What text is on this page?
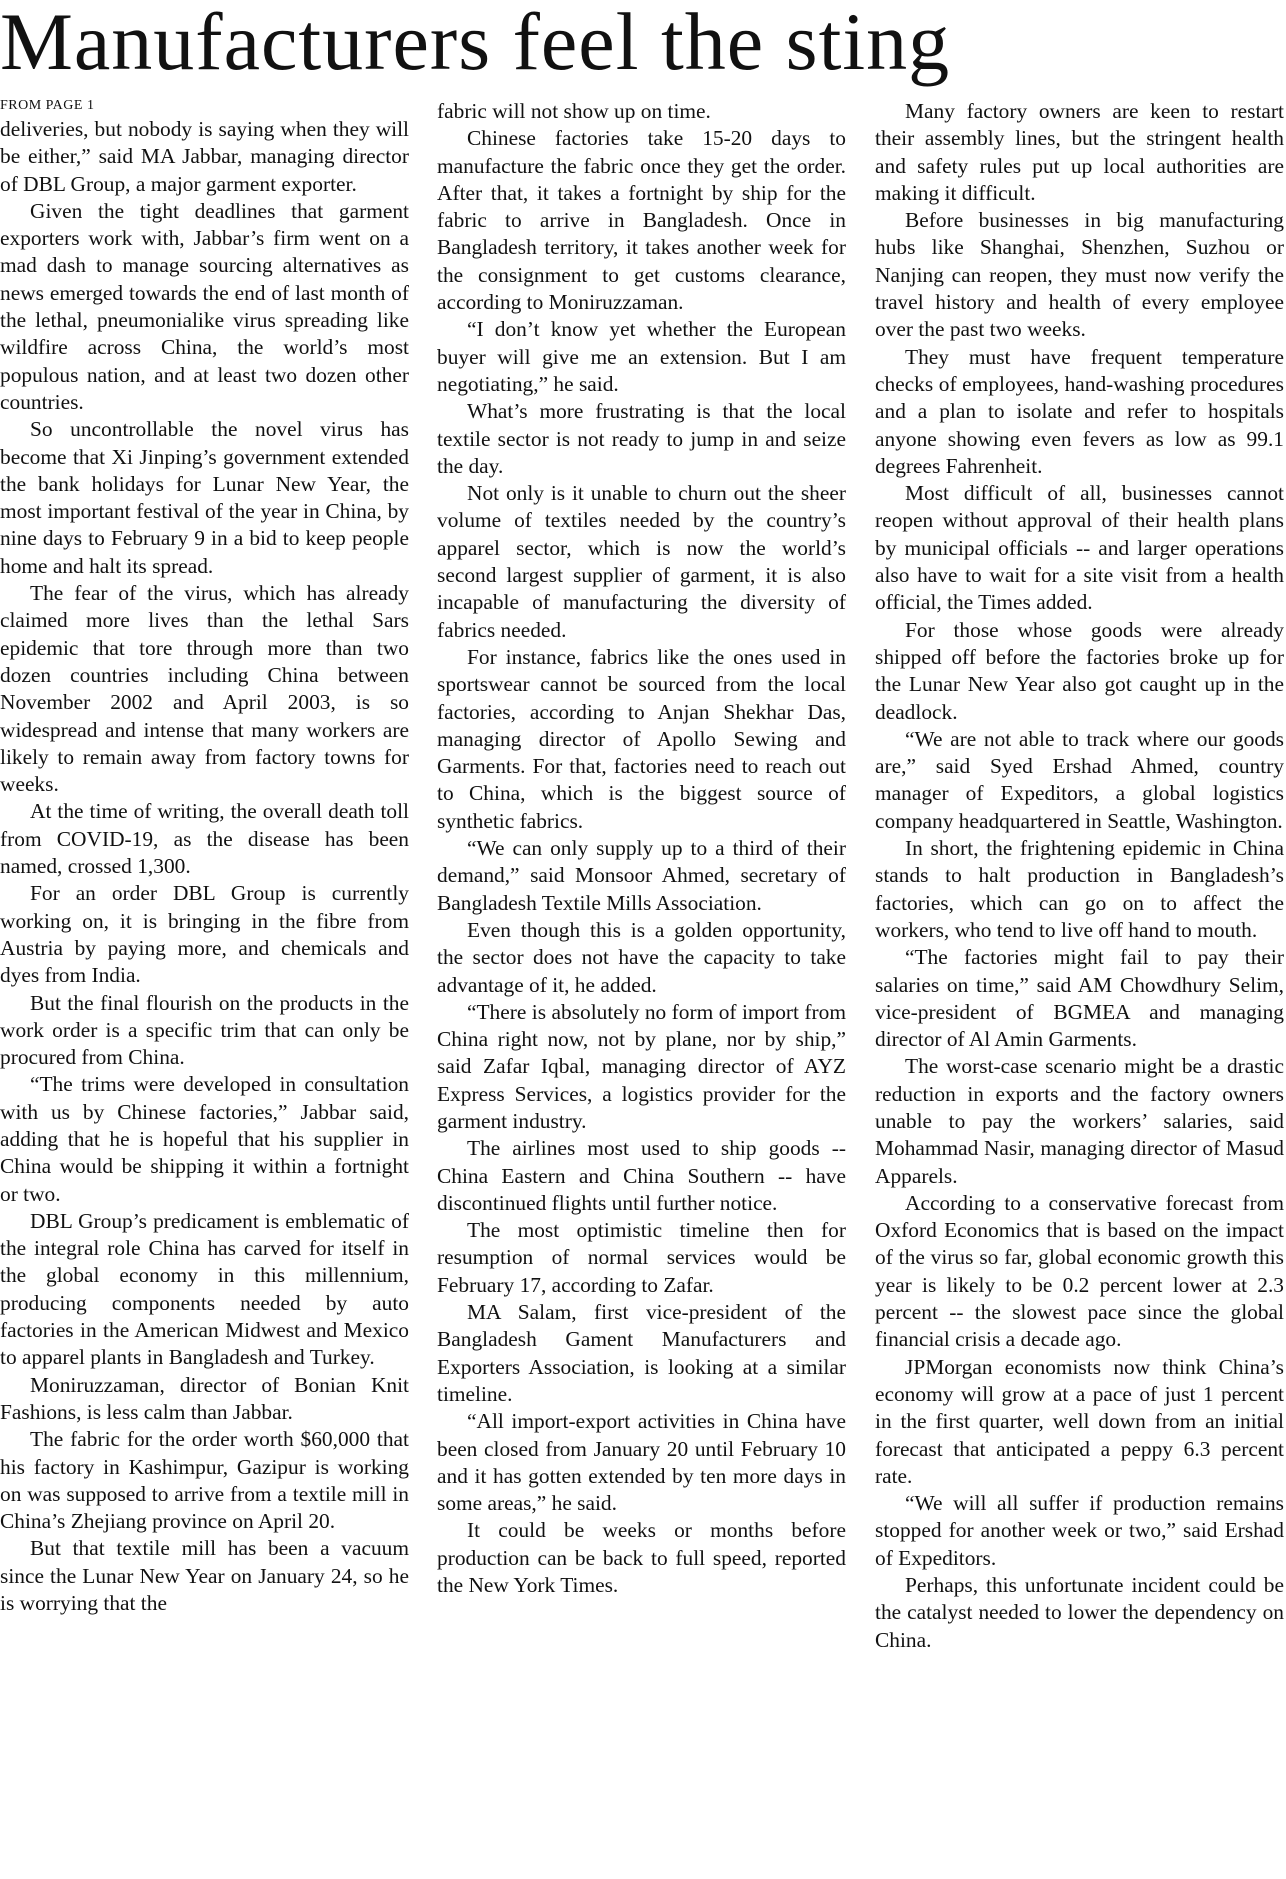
Manufacturers feel the sting
FROM PAGE 1

deliveries, but nobody is saying when they will be either,” said MA Jabbar, managing director of DBL Group, a major garment exporter.

Given the tight deadlines that garment exporters work with, Jabbar’s firm went on a mad dash to manage sourcing alternatives as news emerged towards the end of last month of the lethal, pneumonialike virus spreading like wildfire across China, the world’s most populous nation, and at least two dozen other countries.

So uncontrollable the novel virus has become that Xi Jinping’s government extended the bank holidays for Lunar New Year, the most important festival of the year in China, by nine days to February 9 in a bid to keep people home and halt its spread.

The fear of the virus, which has already claimed more lives than the lethal Sars epidemic that tore through more than two dozen countries including China between November 2002 and April 2003, is so widespread and intense that many workers are likely to remain away from factory towns for weeks.

At the time of writing, the overall death toll from COVID-19, as the disease has been named, crossed 1,300.

For an order DBL Group is currently working on, it is bringing in the fibre from Austria by paying more, and chemicals and dyes from India.

But the final flourish on the products in the work order is a specific trim that can only be procured from China.

“The trims were developed in consultation with us by Chinese factories,” Jabbar said, adding that he is hopeful that his supplier in China would be shipping it within a fortnight or two.

DBL Group’s predicament is emblematic of the integral role China has carved for itself in the global economy in this millennium, producing components needed by auto factories in the American Midwest and Mexico to apparel plants in Bangladesh and Turkey.

Moniruzzaman, director of Bonian Knit Fashions, is less calm than Jabbar.

The fabric for the order worth $60,000 that his factory in Kashimpur, Gazipur is working on was supposed to arrive from a textile mill in China’s Zhejiang province on April 20.

But that textile mill has been a vacuum since the Lunar New Year on January 24, so he is worrying that the

fabric will not show up on time.

Chinese factories take 15-20 days to manufacture the fabric once they get the order. After that, it takes a fortnight by ship for the fabric to arrive in Bangladesh. Once in Bangladesh territory, it takes another week for the consignment to get customs clearance, according to Moniruzzaman.

“I don’t know yet whether the European buyer will give me an extension. But I am negotiating,” he said.

What’s more frustrating is that the local textile sector is not ready to jump in and seize the day.

Not only is it unable to churn out the sheer volume of textiles needed by the country’s apparel sector, which is now the world’s second largest supplier of garment, it is also incapable of manufacturing the diversity of fabrics needed.

For instance, fabrics like the ones used in sportswear cannot be sourced from the local factories, according to Anjan Shekhar Das, managing director of Apollo Sewing and Garments. For that, factories need to reach out to China, which is the biggest source of synthetic fabrics.

“We can only supply up to a third of their demand,” said Monsoor Ahmed, secretary of Bangladesh Textile Mills Association.

Even though this is a golden opportunity, the sector does not have the capacity to take advantage of it, he added.

“There is absolutely no form of import from China right now, not by plane, nor by ship,” said Zafar Iqbal, managing director of AYZ Express Services, a logistics provider for the garment industry.

The airlines most used to ship goods -- China Eastern and China Southern -- have discontinued flights until further notice.

The most optimistic timeline then for resumption of normal services would be February 17, according to Zafar.

MA Salam, first vice-president of the Bangladesh Gament Manufacturers and Exporters Association, is looking at a similar timeline.

“All import-export activities in China have been closed from January 20 until February 10 and it has gotten extended by ten more days in some areas,” he said.

It could be weeks or months before production can be back to full speed, reported the New York Times.

Many factory owners are keen to restart their assembly lines, but the stringent health and safety rules put up local authorities are making it difficult.

Before businesses in big manufacturing hubs like Shanghai, Shenzhen, Suzhou or Nanjing can reopen, they must now verify the travel history and health of every employee over the past two weeks.

They must have frequent temperature checks of employees, hand-washing procedures and a plan to isolate and refer to hospitals anyone showing even fevers as low as 99.1 degrees Fahrenheit.

Most difficult of all, businesses cannot reopen without approval of their health plans by municipal officials -- and larger operations also have to wait for a site visit from a health official, the Times added.

For those whose goods were already shipped off before the factories broke up for the Lunar New Year also got caught up in the deadlock.

“We are not able to track where our goods are,” said Syed Ershad Ahmed, country manager of Expeditors, a global logistics company headquartered in Seattle, Washington.

In short, the frightening epidemic in China stands to halt production in Bangladesh’s factories, which can go on to affect the workers, who tend to live off hand to mouth.

“The factories might fail to pay their salaries on time,” said AM Chowdhury Selim, vice-president of BGMEA and managing director of Al Amin Garments.

The worst-case scenario might be a drastic reduction in exports and the factory owners unable to pay the workers’ salaries, said Mohammad Nasir, managing director of Masud Apparels.

According to a conservative forecast from Oxford Economics that is based on the impact of the virus so far, global economic growth this year is likely to be 0.2 percent lower at 2.3 percent -- the slowest pace since the global financial crisis a decade ago.

JPMorgan economists now think China’s economy will grow at a pace of just 1 percent in the first quarter, well down from an initial forecast that anticipated a peppy 6.3 percent rate.

“We will all suffer if production remains stopped for another week or two,” said Ershad of Expeditors.

Perhaps, this unfortunate incident could be the catalyst needed to lower the dependency on China.
